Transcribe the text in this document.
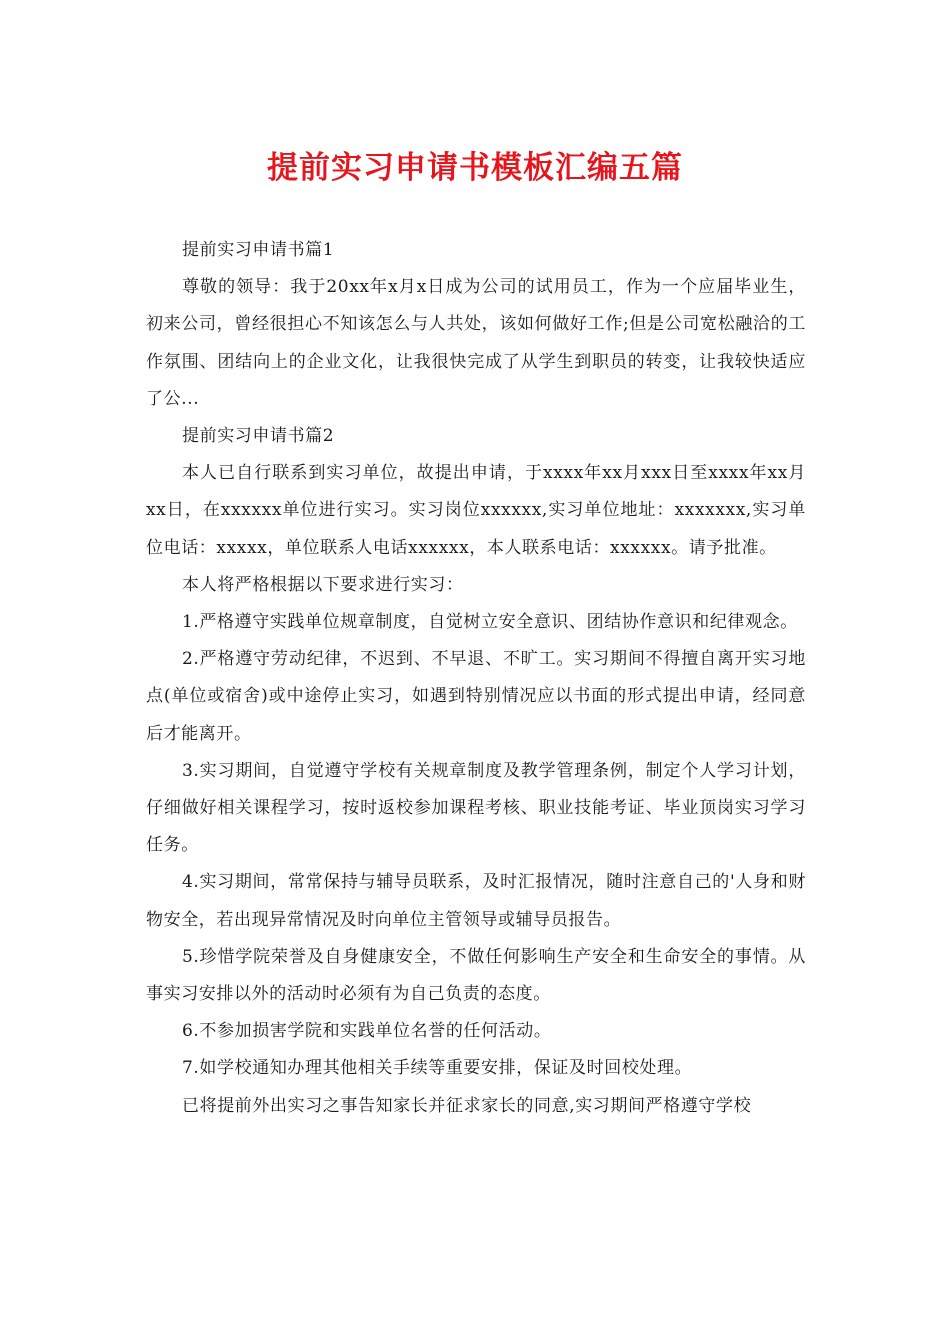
提前实习申请书模板汇编五篇

提前实习申请书篇1

尊敬的领导：我于20xx年x月x日成为公司的试用员工，作为一个应届毕业生，初来公司，曾经很担心不知该怎么与人共处，该如何做好工作;但是公司宽松融洽的工作氛围、团结向上的企业文化，让我很快完成了从学生到职员的转变，让我较快适应了公...

提前实习申请书篇2

本人已自行联系到实习单位，故提出申请，于xxxx年xx月xxx日至xxxx年xx月xx日，在xxxxxx单位进行实习。实习岗位xxxxxx,实习单位地址：xxxxxxx,实习单位电话：xxxxx，单位联系人电话xxxxxx，本人联系电话：xxxxxx。请予批准。

本人将严格根据以下要求进行实习：

1.严格遵守实践单位规章制度，自觉树立安全意识、团结协作意识和纪律观念。

2.严格遵守劳动纪律，不迟到、不早退、不旷工。实习期间不得擅自离开实习地点(单位或宿舍)或中途停止实习，如遇到特别情况应以书面的形式提出申请，经同意后才能离开。

3.实习期间，自觉遵守学校有关规章制度及教学管理条例，制定个人学习计划，仔细做好相关课程学习，按时返校参加课程考核、职业技能考证、毕业顶岗实习学习任务。

4.实习期间，常常保持与辅导员联系，及时汇报情况，随时注意自己的'人身和财物安全，若出现异常情况及时向单位主管领导或辅导员报告。

5.珍惜学院荣誉及自身健康安全，不做任何影响生产安全和生命安全的事情。从事实习安排以外的活动时必须有为自己负责的态度。

6.不参加损害学院和实践单位名誉的任何活动。

7.如学校通知办理其他相关手续等重要安排，保证及时回校处理。

已将提前外出实习之事告知家长并征求家长的同意,实习期间严格遵守学校
